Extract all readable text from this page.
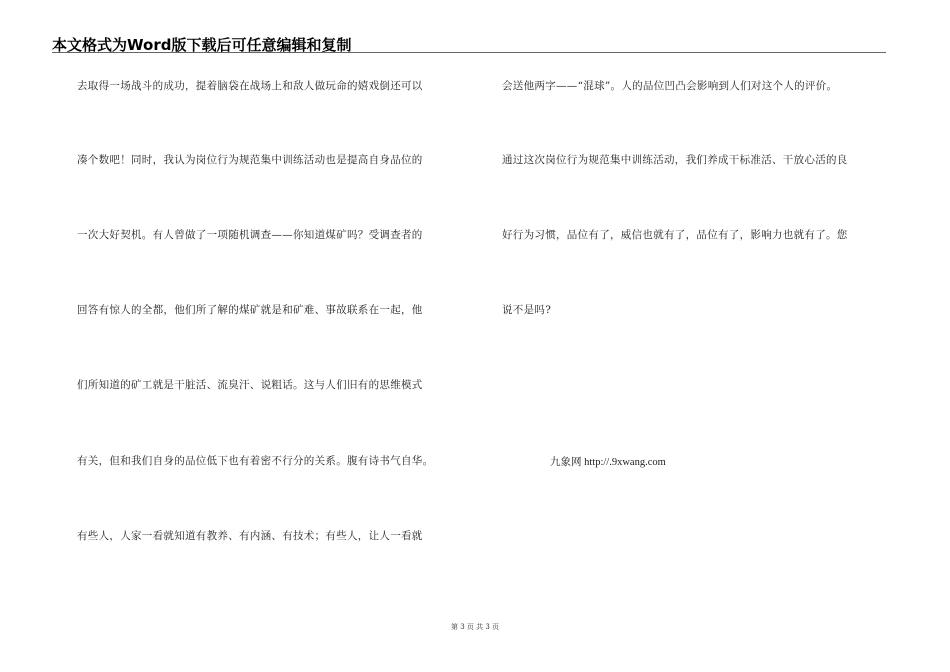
本文格式为Word版下载后可任意编辑和复制
去取得一场战斗的成功，提着脑袋在战场上和敌人做玩命的嬉戏倒还可以
凑个数吧！同时，我认为岗位行为规范集中训练活动也是提高自身品位的
一次大好契机。有人曾做了一项随机调查——你知道煤矿吗？受调查者的
回答有惊人的全都，他们所了解的煤矿就是和矿难、事故联系在一起，他
们所知道的矿工就是干脏活、流臭汗、说粗话。这与人们旧有的思维模式
有关，但和我们自身的品位低下也有着密不行分的关系。腹有诗书气自华。
有些人，人家一看就知道有教养、有内涵、有技术；有些人，让人一看就
会送他两字——“混球”。人的品位凹凸会影响到人们对这个人的评价。
通过这次岗位行为规范集中训练活动，我们养成干标准活、干放心活的良
好行为习惯，品位有了，威信也就有了，品位有了，影响力也就有了。您
说不是吗?
九象网 http://.9xwang.com
第 3 页 共 3 页
